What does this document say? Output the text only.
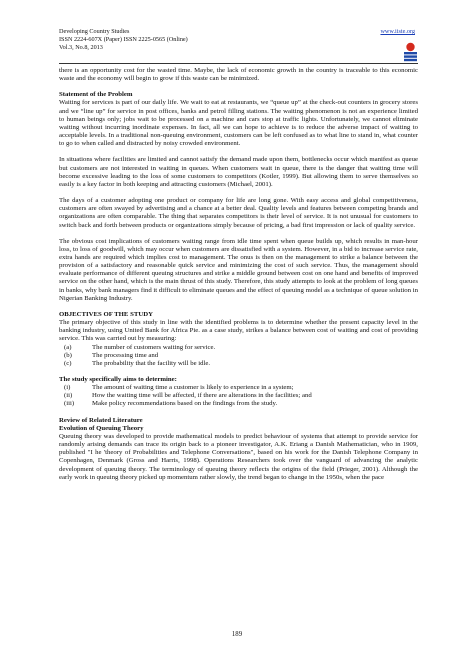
Developing Country Studies
ISSN 2224-607X (Paper) ISSN 2225-0565 (Online)
Vol.3, No.8, 2013
www.iiste.org

there is an opportunity cost for the wasted time. Maybe, the lack of economic growth in the country is traceable to this economic waste and the economy will begin to grow if this waste can be minimized.

Statement of the Problem

Waiting for services is part of our daily life. We wait to eat at restaurants, we “queue up” at the check-out counters in grocery stores and we “line up” for service in post offices, banks and petrol filling stations. The waiting phenomenon is not an experience limited to human beings only; jobs wait to be processed on a machine and cars stop at traffic lights. Unfortunately, we cannot eliminate waiting without incurring inordinate expenses. In fact, all we can hope to achieve is to reduce the adverse impact of waiting to acceptable levels. In a traditional non-queuing environment, customers can be left confused as to what line to stand in, what counter to go to when called and distracted by noisy crowded environment.

In situations where facilities are limited and cannot satisfy the demand made upon them, bottlenecks occur which manifest as queue but customers are not interested in waiting in queues. When customers wait in queue, there is the danger that waiting time will become excessive leading to the loss of some customers to competitors (Kotler, 1999). But allowing them to serve themselves so easily is a key factor in both keeping and attracting customers (Michael, 2001).

The days of a customer adopting one product or company for life are long gone. With easy access and global competitiveness, customers are often swayed by advertising and a chance at a better deal. Quality levels and features between competing brands and organizations are often comparable. The thing that separates competitors is their level of service. It is not unusual for customers to switch back and forth between products or organizations simply because of pricing, a bad first impression or lack of quality service.

The obvious cost implications of customers waiting range from idle time spent when queue builds up, which results in man-hour loss, to loss of goodwill, which may occur when customers are dissatisfied with a system. However, in a bid to increase service rate, extra hands are required which implies cost to management. The onus is then on the management to strike a balance between the provision of a satisfactory and reasonable quick service and minimizing the cost of such service. Thus, the management should evaluate performance of different queuing structures and strike a middle ground between cost on one hand and benefits of improved service on the other hand, which is the main thrust of this study. Therefore, this study attempts to look at the problem of long queues in banks, why bank managers find it difficult to eliminate queues and the effect of queuing model as a technique of queue solution in Nigerian Banking Industry.

OBJECTIVES OF THE STUDY

The primary objective of this study in line with the identified problems is to determine whether the present capacity level in the banking industry, using United Bank for Africa Pie. as a case study, strikes a balance between cost of waiting and cost of providing service. This was carried out by measuring:

(a)	The number of customers waiting for service.
(b)	The processing time and
(c)	The probability that the facility will be idle.
The study specifically aims to determine:
(i)	The amount of waiting time a customer is likely to experience in a system;
(ii)	How the waiting time will be affected, if there are alterations in the facilities; and
(iii)	Make policy recommendations based on the findings from the study.
Review of Related Literature
Evolution of Queuing Theory

Queuing theory was developed to provide mathematical models to predict behaviour of systems that attempt to provide service for randomly arising demands can trace its origin back to a pioneer investigator, A.K. Eriang a Danish Mathematician, who in 1909, published "I he 'theory of Probabilities and Telephone Conversations", based on his work for the Danish Telephone Company in Copenhagen, Denmark (Gross and Harris, 1998). Operations Researchers took over the vanguard of advancing the analytic development of queuing theory. The terminology of queuing theory reflects the origins of the field (Prieger, 2001). Although the early work in queuing theory picked up momentum rather slowly, the trend began to change in the 1950s, when the pace

189
